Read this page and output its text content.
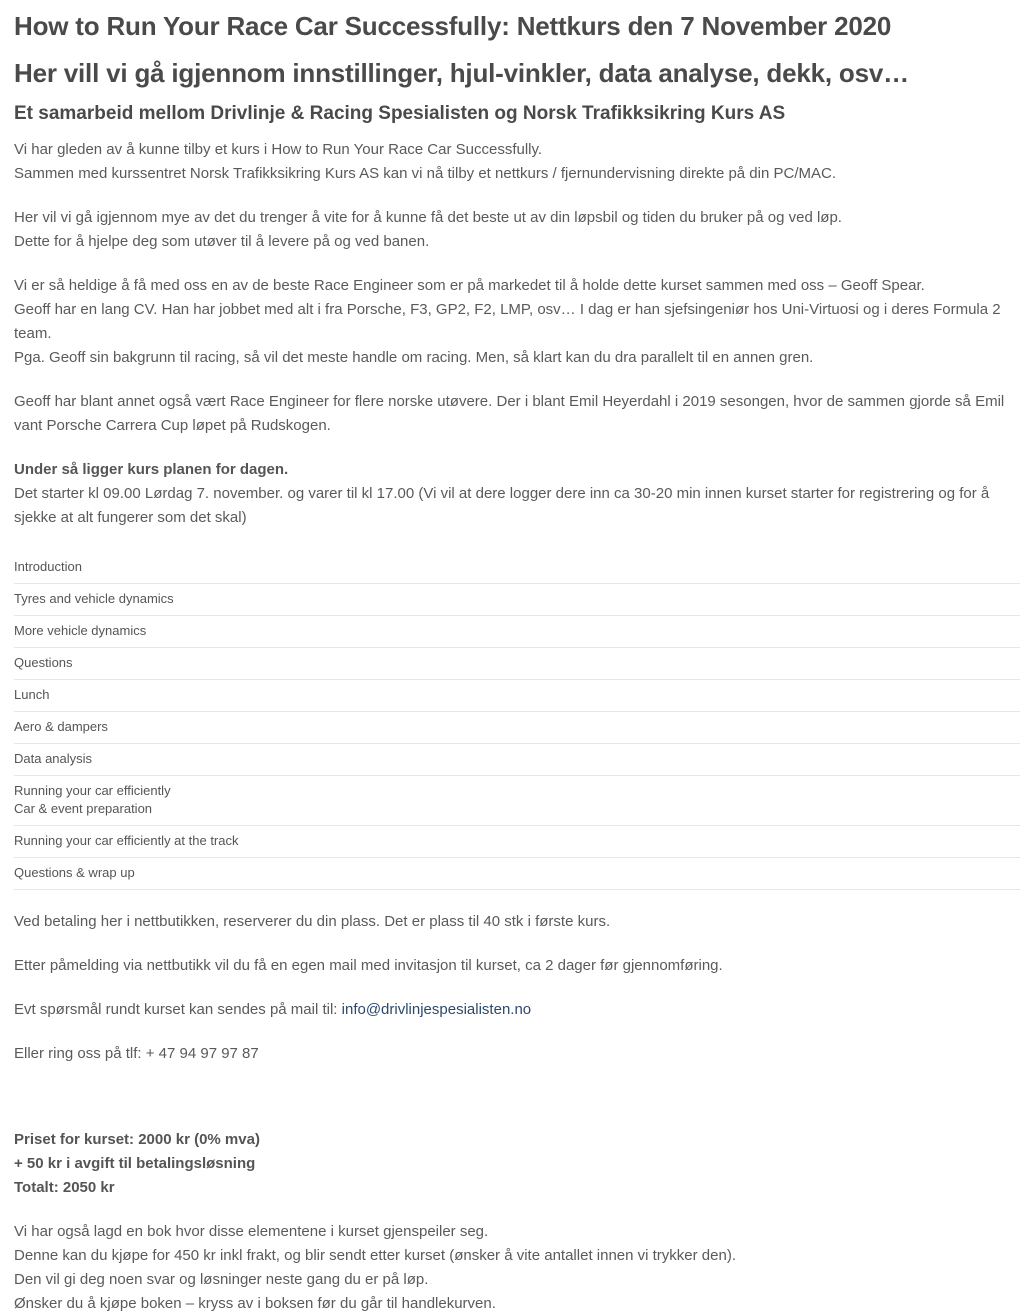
How to Run Your Race Car Successfully: Nettkurs den 7 November 2020
Her vill vi gå igjennom innstillinger, hjul-vinkler, data analyse, dekk, osv…
Et samarbeid mellom Drivlinje & Racing Spesialisten og Norsk Trafikksikring Kurs AS

Vi har gleden av å kunne tilby et kurs i How to Run Your Race Car Successfully.
Sammen med kurssentret Norsk Trafikksikring Kurs AS kan vi nå tilby et nettkurs / fjernundervisning direkte på din PC/MAC.

Her vil vi gå igjennom mye av det du trenger å vite for å kunne få det beste ut av din løpsbil og tiden du bruker på og ved løp.
Dette for å hjelpe deg som utøver til å levere på og ved banen.

Vi er så heldige å få med oss en av de beste Race Engineer som er på markedet til å holde dette kurset sammen med oss – Geoff Spear.
Geoff har en lang CV. Han har jobbet med alt i fra Porsche, F3, GP2, F2, LMP, osv… I dag er han sjefsingeniør hos Uni-Virtuosi og i deres Formula 2 team.
Pga. Geoff sin bakgrunn til racing, så vil det meste handle om racing. Men, så klart kan du dra parallelt til en annen gren.

Geoff har blant annet også vært Race Engineer for flere norske utøvere. Der i blant Emil Heyerdahl i 2019 sesongen, hvor de sammen gjorde så Emil vant Porsche Carrera Cup løpet på Rudskogen.

Under så ligger kurs planen for dagen.
Det starter kl 09.00 Lørdag 7. november. og varer til kl 17.00 (Vi vil at dere logger dere inn ca 30-20 min innen kurset starter for registrering og for å sjekke at alt fungerer som det skal)

Introduction
Tyres and vehicle dynamics
More vehicle dynamics
Questions
Lunch
Aero & dampers
Data analysis
Running your car efficiently
Car & event preparation
Running your car efficiently at the track
Questions & wrap up

Ved betaling her i nettbutikken, reserverer du din plass. Det er plass til 40 stk i første kurs.

Etter påmelding via nettbutikk vil du få en egen mail med invitasjon til kurset, ca 2 dager før gjennomføring.

Evt spørsmål rundt kurset kan sendes på mail til: info@drivlinjespesialisten.no

Eller ring oss på tlf: + 47 94 97 97 87

Priset for kurset: 2000 kr (0% mva)
+ 50 kr i avgift til betalingsløsning
Totalt: 2050 kr

Vi har også lagd en bok hvor disse elementene i kurset gjenspeiler seg.
Denne kan du kjøpe for 450 kr inkl frakt, og blir sendt etter kurset (ønsker å vite antallet innen vi trykker den).
Den vil gi deg noen svar og løsninger neste gang du er på løp.
Ønsker du å kjøpe boken – kryss av i boksen før du går til handlekurven.
